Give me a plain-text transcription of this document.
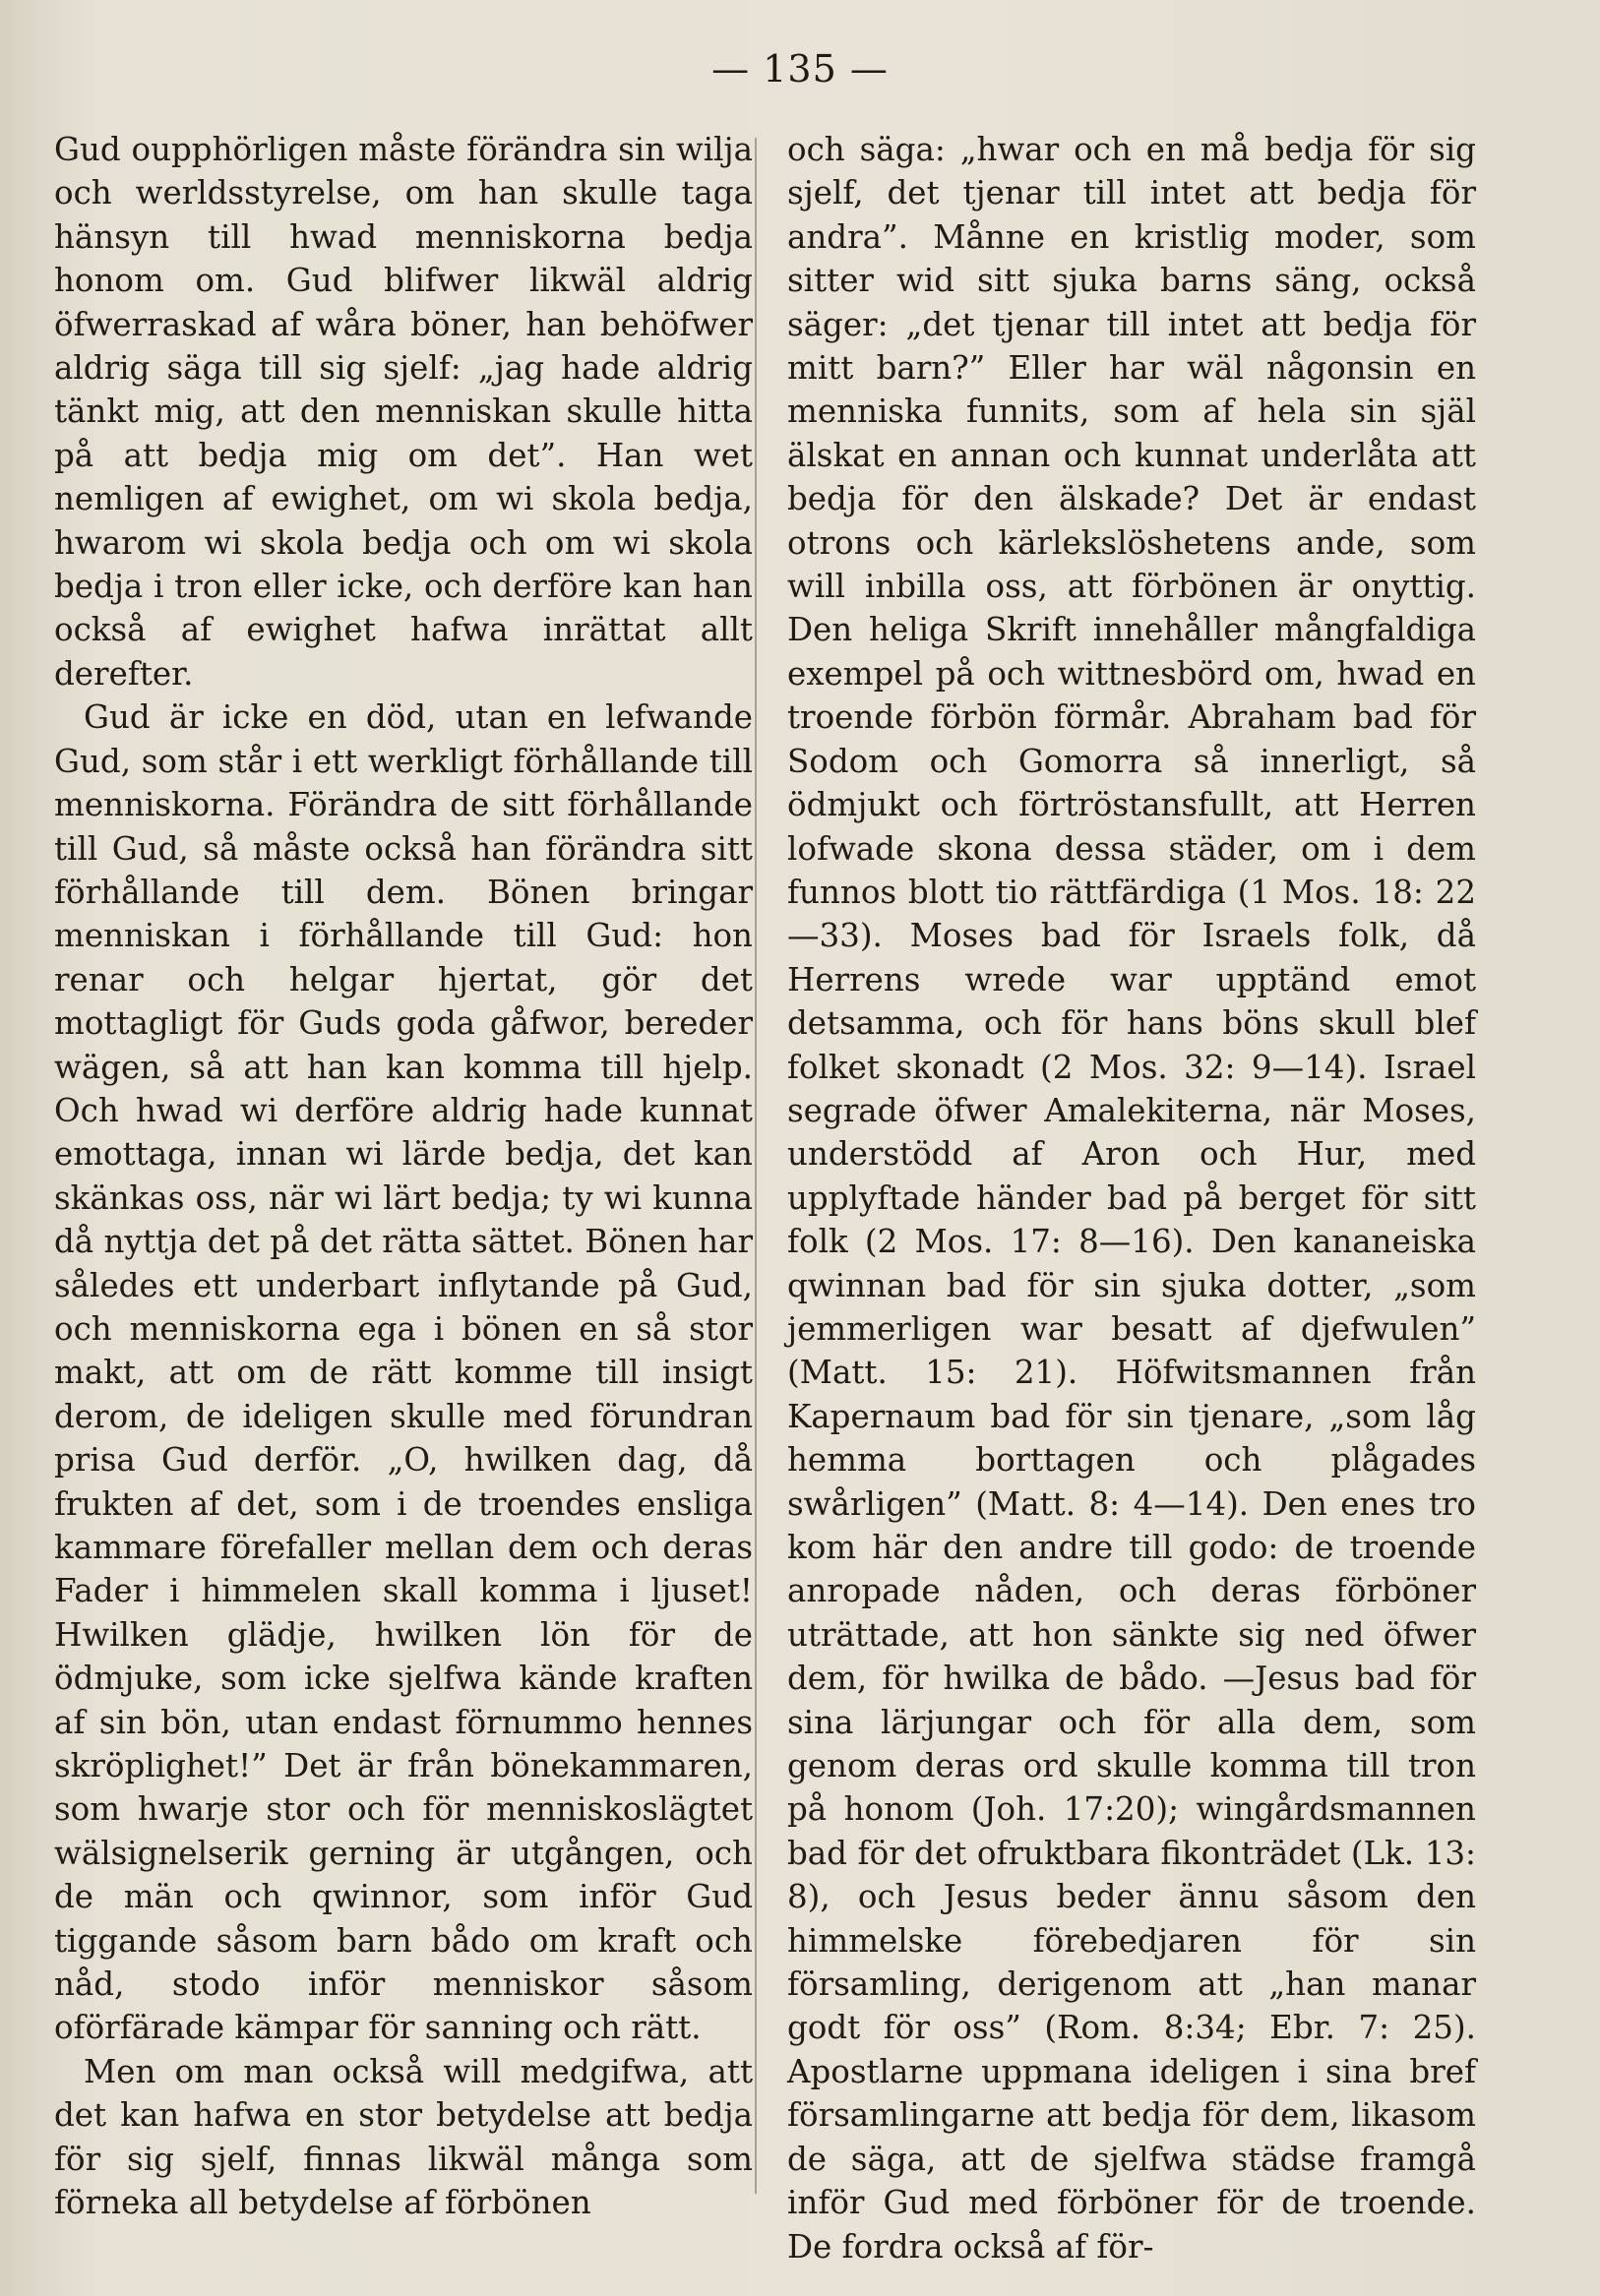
— 135 —

Gud oupphörligen måste förändra sin wilja och werldsstyrelse, om han skulle taga hänsyn till hwad menniskorna bedja honom om. Gud blifwer likwäl aldrig öfwerraskad af wåra böner, han behöfwer aldrig säga till sig sjelf: „jag hade aldrig tänkt mig, att den menniskan skulle hitta på att bedja mig om det”. Han wet nemligen af ewighet, om wi skola bedja, hwarom wi skola bedja och om wi skola bedja i tron eller icke, och derföre kan han också af ewighet hafwa inrättat allt derefter.

Gud är icke en död, utan en lefwande Gud, som står i ett werkligt förhållande till menniskorna. Förändra de sitt förhållande till Gud, så måste också han förändra sitt förhållande till dem. Bönen bringar menniskan i förhållande till Gud: hon renar och helgar hjertat, gör det mottagligt för Guds goda gåfwor, bereder wägen, så att han kan komma till hjelp. Och hwad wi derföre aldrig hade kunnat emottaga, innan wi lärde bedja, det kan skänkas oss, när wi lärt bedja; ty wi kunna då nyttja det på det rätta sättet. Bönen har således ett underbart inflytande på Gud, och menniskorna ega i bönen en så stor makt, att om de rätt komme till insigt derom, de ideligen skulle med förundran prisa Gud derför. „O, hwilken dag, då frukten af det, som i de troendes ensliga kammare förefaller mellan dem och deras Fader i himmelen skall komma i ljuset! Hwilken glädje, hwilken lön för de ödmjuke, som icke sjelfwa kände kraften af sin bön, utan endast förnummo hennes skröplighet!” Det är från bönekammaren, som hwarje stor och för menniskoslägtet wälsignelserik gerning är utgången, och de män och qwinnor, som inför Gud tiggande såsom barn bådo om kraft och nåd, stodo inför menniskor såsom oförfärade kämpar för sanning och rätt.

Men om man också will medgifwa, att det kan hafwa en stor betydelse att bedja för sig sjelf, finnas likwäl många som förneka all betydelse af förbönen

och säga: „hwar och en må bedja för sig sjelf, det tjenar till intet att bedja för andra”. Månne en kristlig moder, som sitter wid sitt sjuka barns säng, också säger: „det tjenar till intet att bedja för mitt barn?” Eller har wäl någonsin en menniska funnits, som af hela sin själ älskat en annan och kunnat underlåta att bedja för den älskade? Det är endast otrons och kärlekslöshetens ande, som will inbilla oss, att förbönen är onyttig. Den heliga Skrift innehåller mångfaldiga exempel på och wittnesbörd om, hwad en troende förbön förmår. Abraham bad för Sodom och Gomorra så innerligt, så ödmjukt och förtröstansfullt, att Herren lofwade skona dessa städer, om i dem funnos blott tio rättfärdiga (1 Mos. 18: 22—33). Moses bad för Israels folk, då Herrens wrede war upptänd emot detsamma, och för hans böns skull blef folket skonadt (2 Mos. 32: 9—14). Israel segrade öfwer Amalekiterna, när Moses, understödd af Aron och Hur, med upplyftade händer bad på berget för sitt folk (2 Mos. 17: 8—16). Den kananeiska qwinnan bad för sin sjuka dotter, „som jemmerligen war besatt af djefwulen” (Matt. 15: 21). Höfwitsmannen från Kapernaum bad för sin tjenare, „som låg hemma borttagen och plågades swårligen” (Matt. 8: 4—14). Den enes tro kom här den andre till godo: de troende anropade nåden, och deras förböner uträttade, att hon sänkte sig ned öfwer dem, för hwilka de bådo. —Jesus bad för sina lärjungar och för alla dem, som genom deras ord skulle komma till tron på honom (Joh. 17:20); wingårdsmannen bad för det ofruktbara fikonträdet (Lk. 13: 8), och Jesus beder ännu såsom den himmelske förebedjaren för sin församling, derigenom att „han manar godt för oss” (Rom. 8:34; Ebr. 7: 25). Apostlarne uppmana ideligen i sina bref församlingarne att bedja för dem, likasom de säga, att de sjelfwa städse framgå inför Gud med förböner för de troende. De fordra också af för-
